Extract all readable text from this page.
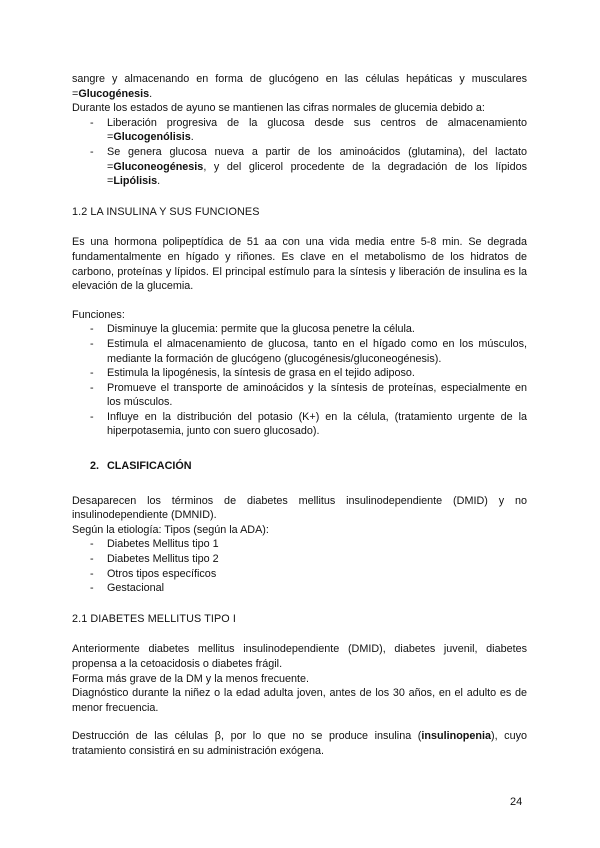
sangre y almacenando en forma de glucógeno en las células hepáticas y musculares =Glucogénesis.

Durante los estados de ayuno se mantienen las cifras normales de glucemia debido a:

- Liberación progresiva de la glucosa desde sus centros de almacenamiento =Glucogenólisis.
- Se genera glucosa nueva a partir de los aminoácidos (glutamina), del lactato =Gluconeogénesis, y del glicerol procedente de la degradación de los lípidos =Lipólisis.
1.2 LA INSULINA Y SUS FUNCIONES

Es una hormona polipeptídica de 51 aa con una vida media entre 5-8 min. Se degrada fundamentalmente en hígado y riñones. Es clave en el metabolismo de los hidratos de carbono, proteínas y lípidos. El principal estímulo para la síntesis y liberación de insulina es la elevación de la glucemia.

Funciones:

- Disminuye la glucemia: permite que la glucosa penetre la célula.
- Estimula el almacenamiento de glucosa, tanto en el hígado como en los músculos, mediante la formación de glucógeno (glucogénesis/gluconeogénesis).
- Estimula la lipogénesis, la síntesis de grasa en el tejido adiposo.
- Promueve el transporte de aminoácidos y la síntesis de proteínas, especialmente en los músculos.
- Influye en la distribución del potasio (K+) en la célula, (tratamiento urgente de la hiperpotasemia, junto con suero glucosado).
2. CLASIFICACIÓN

Desaparecen los términos de diabetes mellitus insulinodependiente (DMID) y no insulinodependiente (DMNID).

Según la etiología: Tipos (según la ADA):

- Diabetes Mellitus tipo 1
- Diabetes Mellitus tipo 2
- Otros tipos específicos
- Gestacional
2.1 DIABETES MELLITUS TIPO I

Anteriormente diabetes mellitus insulinodependiente (DMID), diabetes juvenil, diabetes propensa a la cetoacidosis o diabetes frágil.

Forma más grave de la DM y la menos frecuente.

Diagnóstico durante la niñez o la edad adulta joven, antes de los 30 años, en el adulto es de menor frecuencia.

Destrucción de las células β, por lo que no se produce insulina (insulinopenia), cuyo tratamiento consistirá en su administración exógena.

24
